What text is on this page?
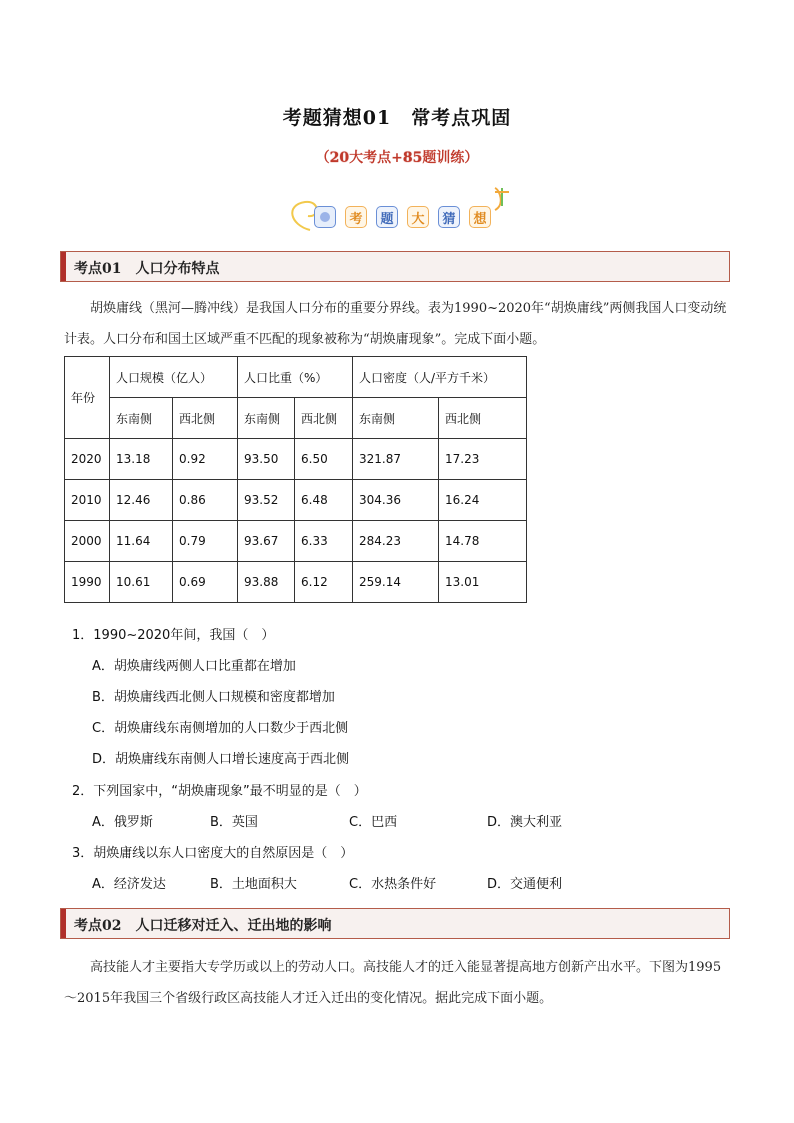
考题猜想01　常考点巩固
（20大考点+85题训练）
考	题	大	猜	想
考点01　人口分布特点
胡焕庸线（黑河—腾冲线）是我国人口分布的重要分界线。表为1990~2020年“胡焕庸线”两侧我国人口变动统计表。人口分布和国土区域严重不匹配的现象被称为“胡焕庸现象”。完成下面小题。
年份	人口规模（亿人）		人口比重（%）		人口密度（人/平方千米）	
	东南侧	西北侧	东南侧	西北侧	东南侧	西北侧
2020	13.18	0.92	93.50	6.50	321.87	17.23
2010	12.46	0.86	93.52	6.48	304.36	16.24
2000	11.64	0.79	93.67	6.33	284.23	14.78
1990	10.61	0.69	93.88	6.12	259.14	13.01
1．1990~2020年间，我国（　）
A．胡焕庸线两侧人口比重都在增加
B．胡焕庸线西北侧人口规模和密度都增加
C．胡焕庸线东南侧增加的人口数少于西北侧
D．胡焕庸线东南侧人口增长速度高于西北侧
2．下列国家中，“胡焕庸现象”最不明显的是（　）
A．俄罗斯	B．英国	C．巴西	D．澳大利亚
3．胡焕庸线以东人口密度大的自然原因是（　）
A．经济发达	B．土地面积大	C．水热条件好	D．交通便利
考点02　人口迁移对迁入、迁出地的影响
高技能人才主要指大专学历或以上的劳动人口。高技能人才的迁入能显著提高地方创新产出水平。下图为1995～2015年我国三个省级行政区高技能人才迁入迁出的变化情况。据此完成下面小题。
